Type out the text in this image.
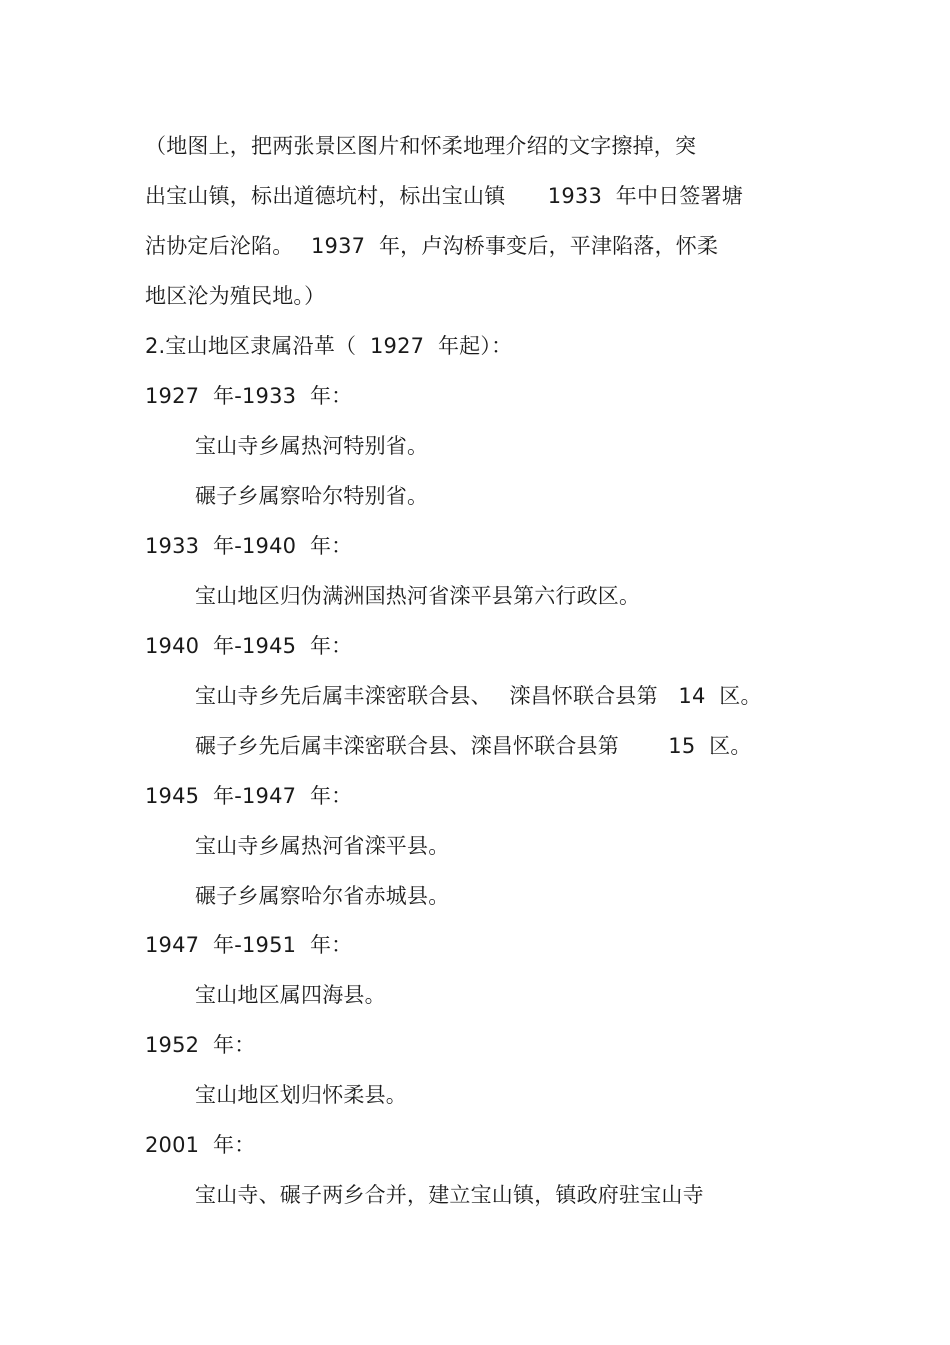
（地图上，把两张景区图片和怀柔地理介绍的文字擦掉，突
出宝山镇，标出道德坑村，标出宝山镇　　1933  年中日签署塘
沽协定后沦陷。　 1937  年，卢沟桥事变后，平津陷落，怀柔
地区沦为殖民地。）
2.宝山地区隶属沿革（  1927  年起）：
1927  年-1933  年：
宝山寺乡属热河特别省。
碾子乡属察哈尔特别省。
1933  年-1940  年：
宝山地区归伪满洲国热河省滦平县第六行政区。
1940  年-1945  年：
宝山寺乡先后属丰滦密联合县、　 滦昌怀联合县第   14  区。
碾子乡先后属丰滦密联合县、滦昌怀联合县第　　 15  区。
1945  年-1947  年：
宝山寺乡属热河省滦平县。
碾子乡属察哈尔省赤城县。
1947  年-1951  年：
宝山地区属四海县。
1952  年：
宝山地区划归怀柔县。
2001  年：
宝山寺、碾子两乡合并，建立宝山镇，镇政府驻宝山寺
